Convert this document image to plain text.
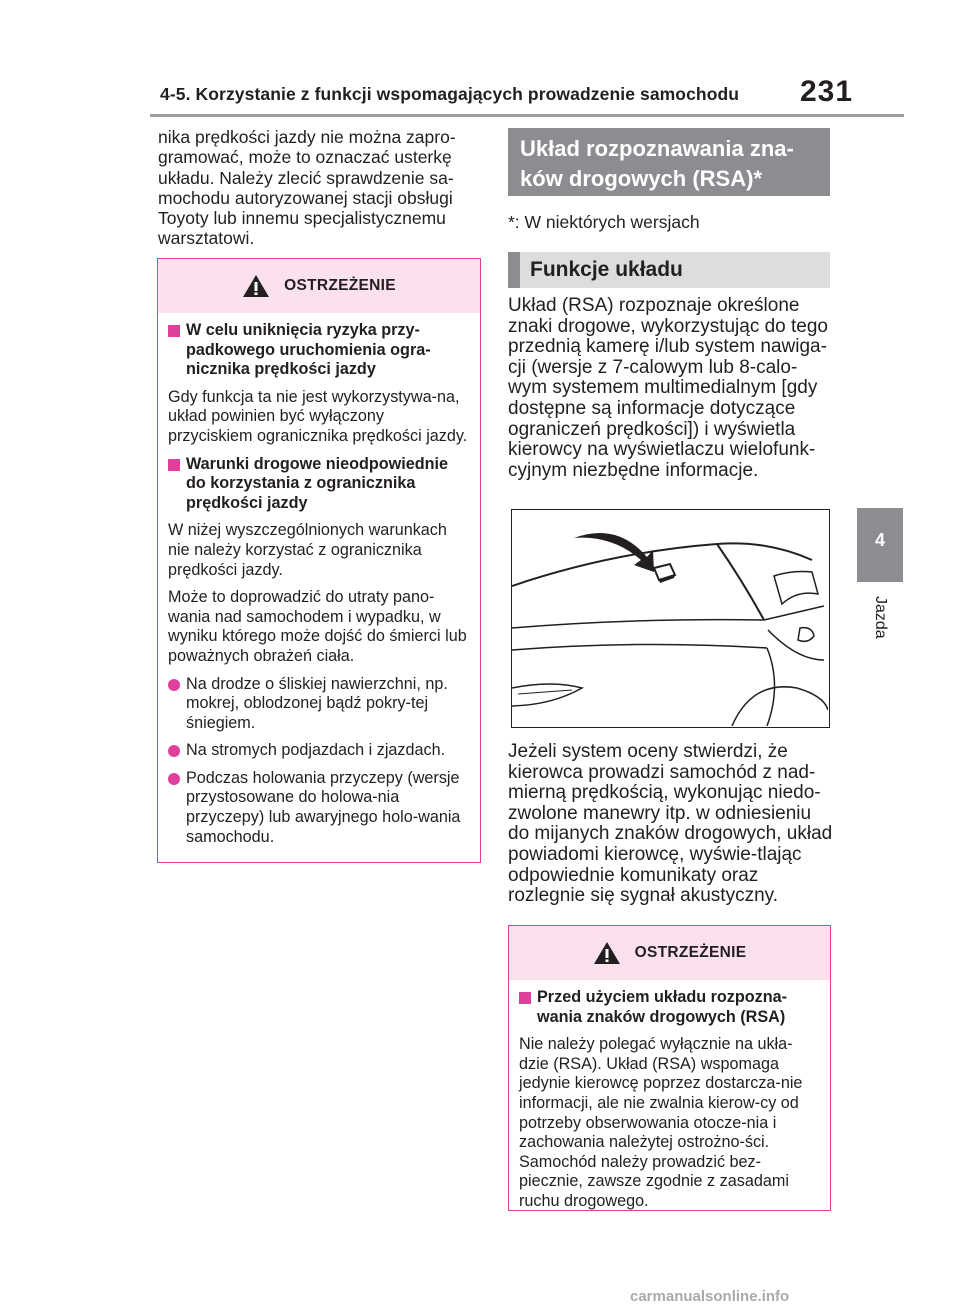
4-5. Korzystanie z funkcji wspomagających prowadzenie samochodu	231
4
Jazda
nika prędkości jazdy nie można zapro-gramować, może to oznaczać usterkę układu. Należy zlecić sprawdzenie sa-mochodu autoryzowanej stacji obsługi Toyoty lub innemu specjalistycznemu warsztatowi.
OSTRZEŻENIE
W celu uniknięcia ryzyka przy-padkowego uruchomienia ogra-nicznika prędkości jazdy

Gdy funkcja ta nie jest wykorzystywa-na, układ powinien być wyłączony przyciskiem ogranicznika prędkości jazdy.

Warunki drogowe nieodpowiednie do korzystania z ogranicznika prędkości jazdy

W niżej wyszczególnionych warunkach nie należy korzystać z ogranicznika prędkości jazdy.

Może to doprowadzić do utraty pano-wania nad samochodem i wypadku, w wyniku którego może dojść do śmierci lub poważnych obrażeń ciała.

Na drodze o śliskiej nawierzchni, np. mokrej, oblodzonej bądź pokry-tej śniegiem.
Na stromych podjazdach i zjazdach.
Podczas holowania przyczepy (wersje przystosowane do holowa-nia przyczepy) lub awaryjnego holo-wania samochodu.
Układ rozpoznawania zna-ków drogowych (RSA)*
*: W niektórych wersjach
Funkcje układu
Układ (RSA) rozpoznaje określone znaki drogowe, wykorzystując do tego przednią kamerę i/lub system nawiga-cji (wersje z 7-calowym lub 8-calo-wym systemem multimedialnym [gdy dostępne są informacje dotyczące ograniczeń prędkości]) i wyświetla kierowcy na wyświetlaczu wielofunk-cyjnym niezbędne informacje.
Jeżeli system oceny stwierdzi, że kierowca prowadzi samochód z nad-mierną prędkością, wykonując niedo-zwolone manewry itp. w odniesieniu do mijanych znaków drogowych, układ powiadomi kierowcę, wyświe-tlając odpowiednie komunikaty oraz rozlegnie się sygnał akustyczny.
OSTRZEŻENIE
Przed użyciem układu rozpozna-wania znaków drogowych (RSA)

Nie należy polegać wyłącznie na ukła-dzie (RSA). Układ (RSA) wspomaga jedynie kierowcę poprzez dostarcza-nie informacji, ale nie zwalnia kierow-cy od potrzeby obserwowania otocze-nia i zachowania należytej ostrożno-ści. Samochód należy prowadzić bez-piecznie, zawsze zgodnie z zasadami ruchu drogowego.

carmanualsonline.info
